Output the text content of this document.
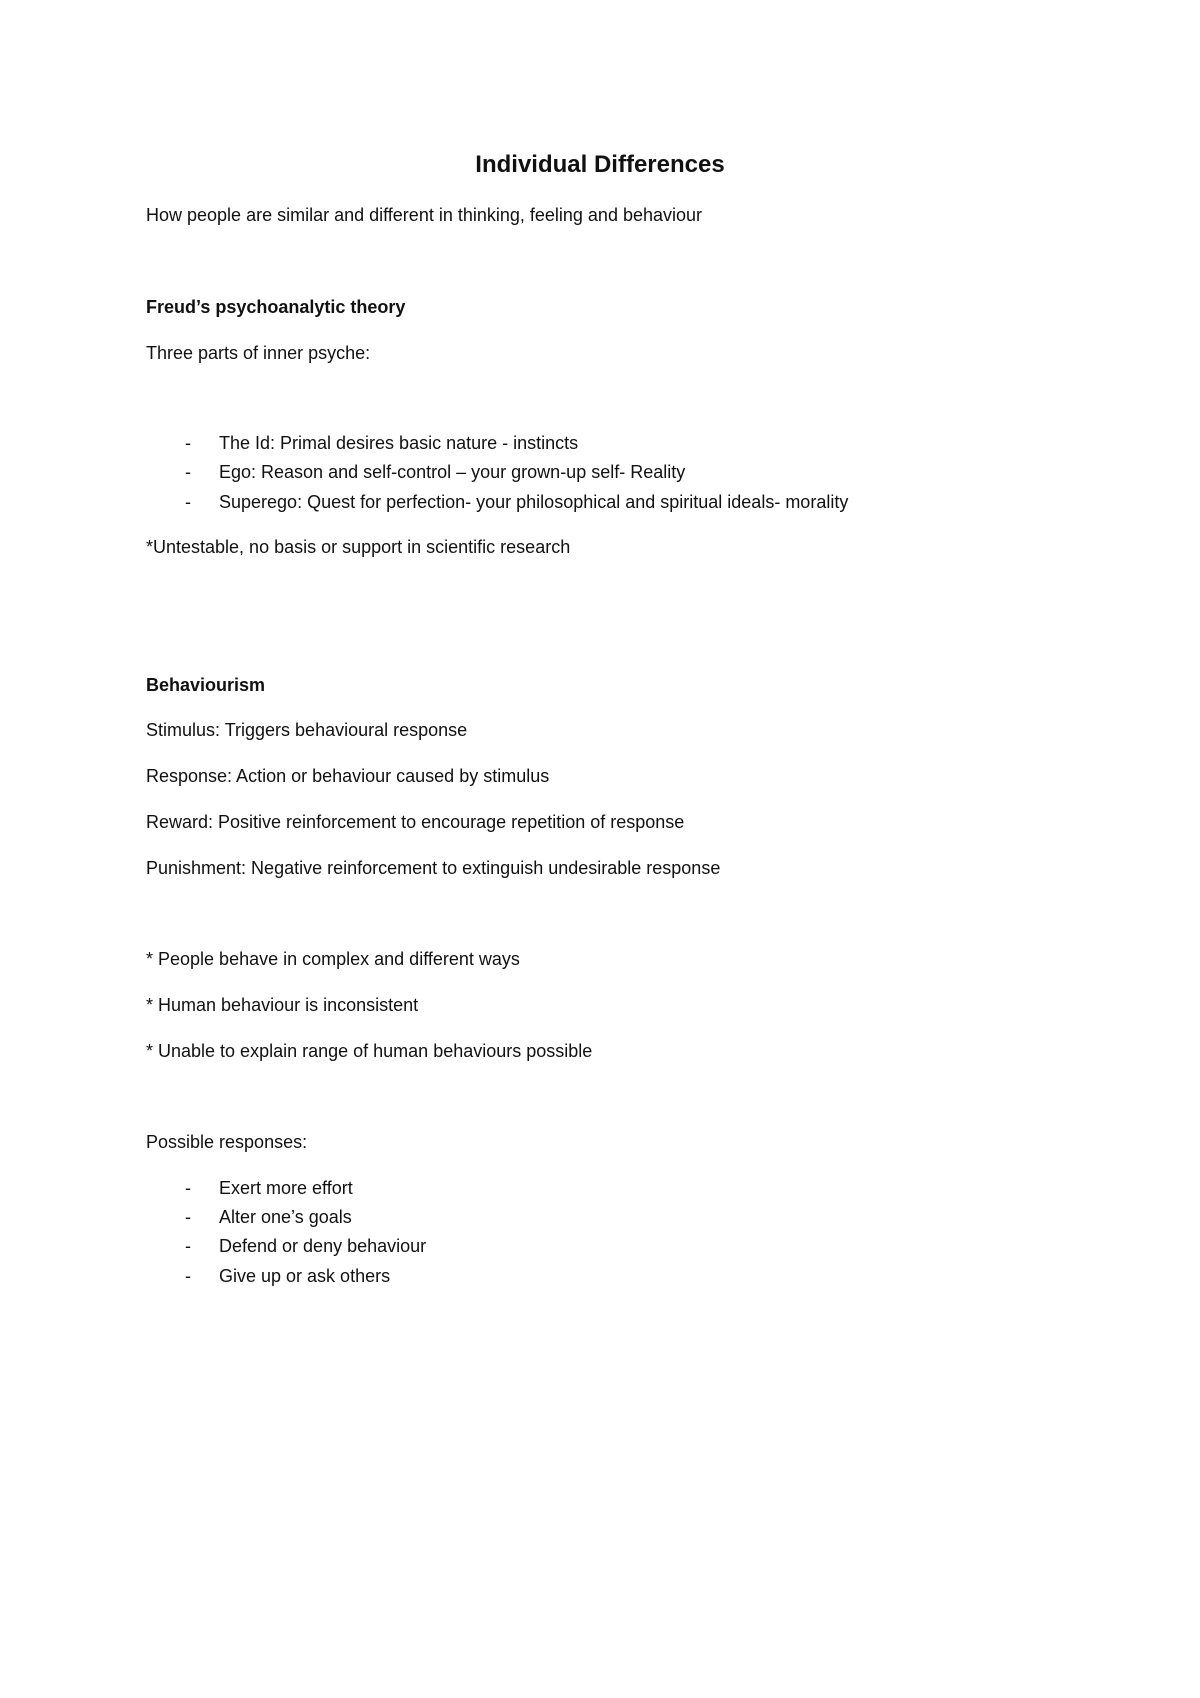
Individual Differences
How people are similar and different in thinking, feeling and behaviour
Freud’s psychoanalytic theory
Three parts of inner psyche:
- The Id: Primal desires basic nature - instincts
- Ego: Reason and self-control – your grown-up self- Reality
- Superego: Quest for perfection- your philosophical and spiritual ideals- morality
*Untestable, no basis or support in scientific research
Behaviourism
Stimulus: Triggers behavioural response
Response: Action or behaviour caused by stimulus
Reward: Positive reinforcement to encourage repetition of response
Punishment: Negative reinforcement to extinguish undesirable response
* People behave in complex and different ways
* Human behaviour is inconsistent
* Unable to explain range of human behaviours possible
Possible responses:
- Exert more effort
- Alter one’s goals
- Defend or deny behaviour
- Give up or ask others
